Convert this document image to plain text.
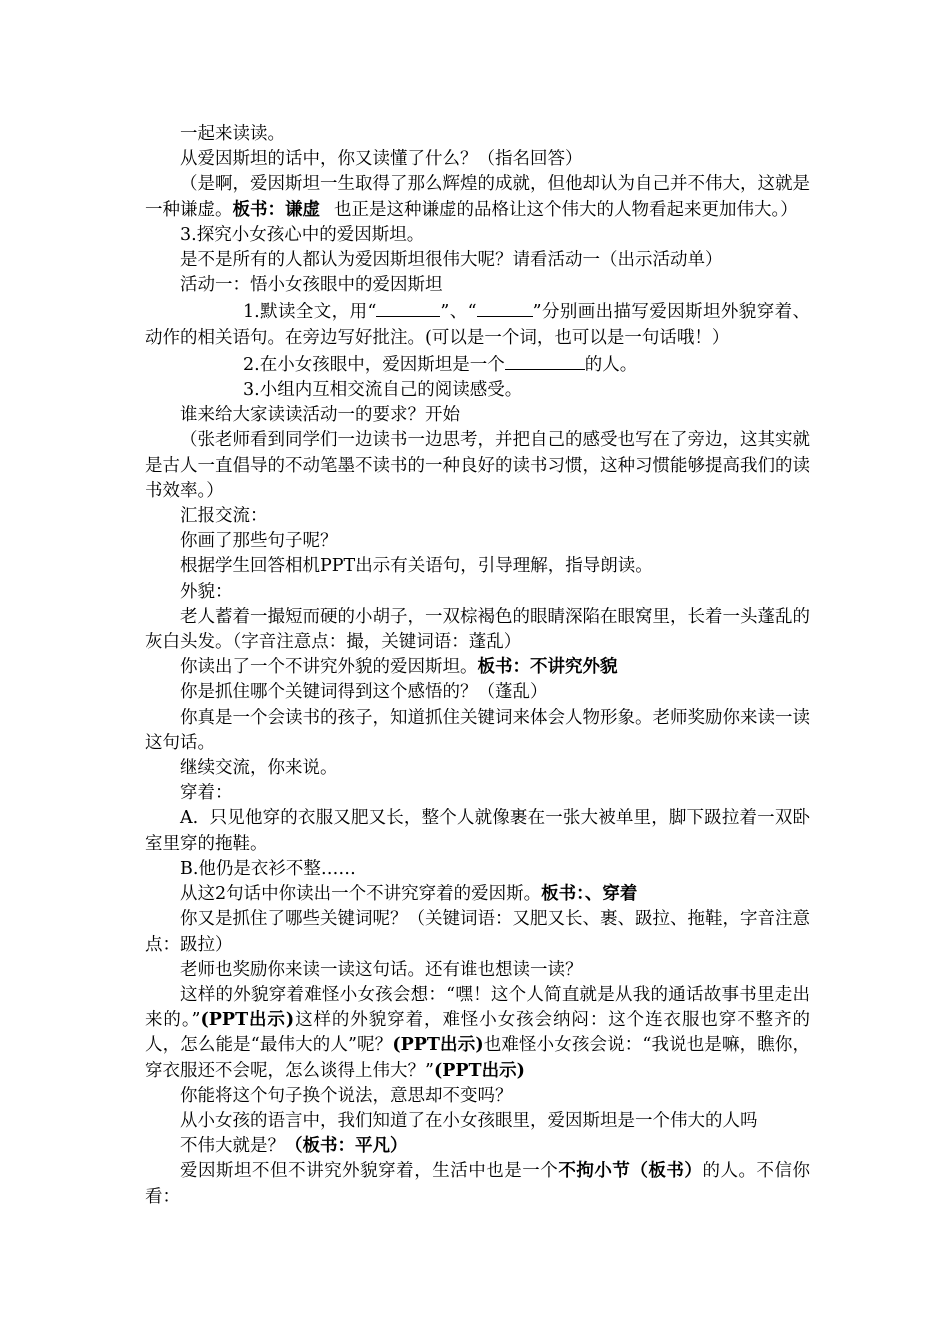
一起来读读。

从爱因斯坦的话中，你又读懂了什么？（指名回答）

（是啊，爱因斯坦一生取得了那么辉煌的成就，但他却认为自己并不伟大，这就是一种谦虚。板书：谦虚 也正是这种谦虚的品格让这个伟大的人物看起来更加伟大。）

3.探究小女孩心中的爱因斯坦。

是不是所有的人都认为爱因斯坦很伟大呢？请看活动一（出示活动单）

活动一：悟小女孩眼中的爱因斯坦

1.默读全文，用“	”、“	”分别画出描写爱因斯坦外貌穿着、动作的相关语句。在旁边写好批注。(可以是一个词，也可以是一句话哦！）

2.在小女孩眼中，爱因斯坦是一个	的人。

3.小组内互相交流自己的阅读感受。

谁来给大家读读活动一的要求？开始

（张老师看到同学们一边读书一边思考，并把自己的感受也写在了旁边，这其实就是古人一直倡导的不动笔墨不读书的一种良好的读书习惯，这种习惯能够提高我们的读书效率。）

汇报交流：

你画了那些句子呢？

根据学生回答相机PPT出示有关语句，引导理解，指导朗读。

外貌：

老人蓄着一撮短而硬的小胡子，一双棕褐色的眼睛深陷在眼窝里，长着一头蓬乱的灰白头发。（字音注意点：撮，关键词语：蓬乱）

你读出了一个不讲究外貌的爱因斯坦。板书：不讲究外貌

你是抓住哪个关键词得到这个感悟的？（蓬乱）

你真是一个会读书的孩子，知道抓住关键词来体会人物形象。老师奖励你来读一读这句话。

继续交流，你来说。

穿着：

A.  只见他穿的衣服又肥又长，整个人就像裹在一张大被单里，脚下趿拉着一双卧室里穿的拖鞋。

B.他仍是衣衫不整……

从这2句话中你读出一个不讲究穿着的爱因斯。板书：、穿着

你又是抓住了哪些关键词呢？（关键词语：又肥又长、裹、趿拉、拖鞋，字音注意点：趿拉）

老师也奖励你来读一读这句话。还有谁也想读一读？

这样的外貌穿着难怪小女孩会想：“嘿！这个人简直就是从我的通话故事书里走出来的。”(PPT出示)这样的外貌穿着，难怪小女孩会纳闷：这个连衣服也穿不整齐的人，怎么能是“最伟大的人”呢？(PPT出示)也难怪小女孩会说：“我说也是嘛，瞧你，穿衣服还不会呢，怎么谈得上伟大？”(PPT出示)

你能将这个句子换个说法，意思却不变吗？

从小女孩的语言中，我们知道了在小女孩眼里，爱因斯坦是一个伟大的人吗

不伟大就是？（板书：平凡）

爱因斯坦不但不讲究外貌穿着，生活中也是一个不拘小节（板书）的人。不信你看：
